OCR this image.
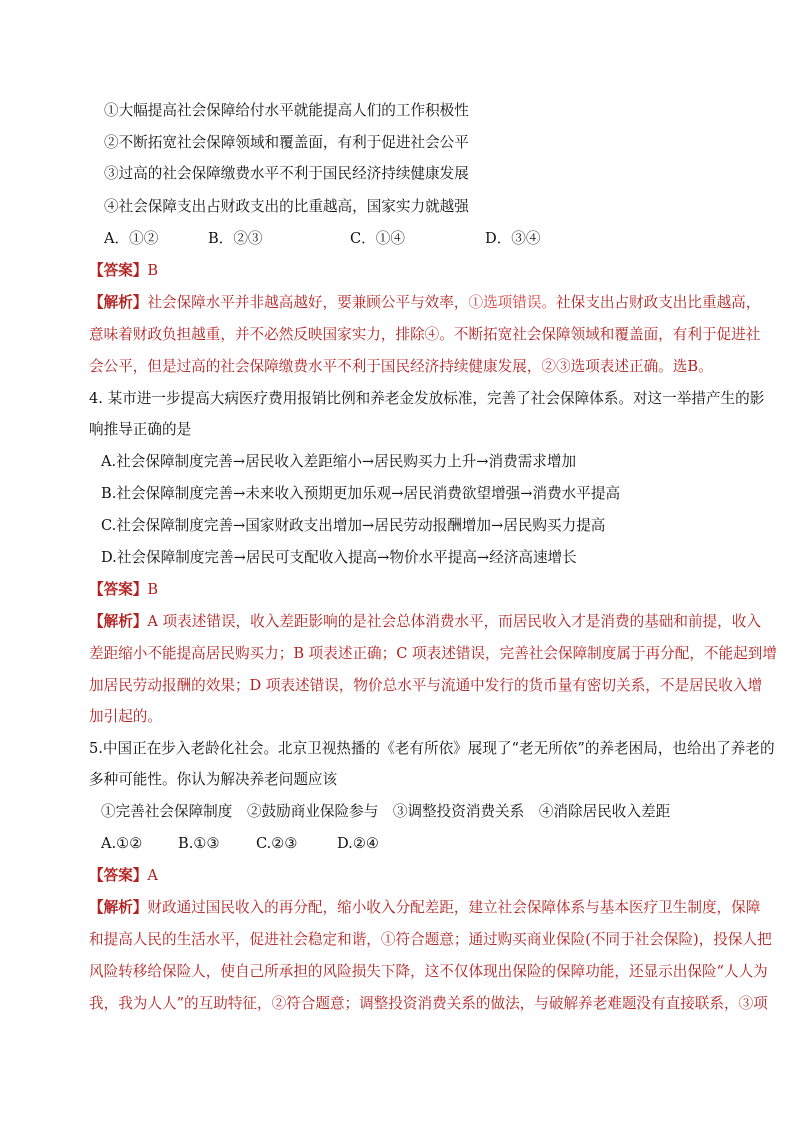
①大幅提高社会保障给付水平就能提高人们的工作积极性
②不断拓宽社会保障领域和覆盖面，有利于促进社会公平
③过高的社会保障缴费水平不利于国民经济持续健康发展
④社会保障支出占财政支出的比重越高，国家实力就越强
A．①②	B．②③	C．①④	D．③④
【答案】B
【解析】社会保障水平并非越高越好，要兼顾公平与效率，①选项错误。社保支出占财政支出比重越高，
意味着财政负担越重，并不必然反映国家实力，排除④。不断拓宽社会保障领域和覆盖面，有利于促进社
会公平，但是过高的社会保障缴费水平不利于国民经济持续健康发展，②③选项表述正确。选B。
4. 某市进一步提高大病医疗费用报销比例和养老金发放标准，完善了社会保障体系。对这一举措产生的影
响推导正确的是
A.社会保障制度完善→居民收入差距缩小→居民购买力上升→消费需求增加
B.社会保障制度完善→未来收入预期更加乐观→居民消费欲望增强→消费水平提高
C.社会保障制度完善→国家财政支出增加→居民劳动报酬增加→居民购买力提高
D.社会保障制度完善→居民可支配收入提高→物价水平提高→经济高速增长
【答案】B
【解析】A 项表述错误，收入差距影响的是社会总体消费水平，而居民收入才是消费的基础和前提，收入
差距缩小不能提高居民购买力；B 项表述正确；C 项表述错误，完善社会保障制度属于再分配，不能起到增
加居民劳动报酬的效果；D 项表述错误，物价总水平与流通中发行的货币量有密切关系，不是居民收入增
加引起的。
5.中国正在步入老龄化社会。北京卫视热播的《老有所依》展现了“老无所依”的养老困局，也给出了养老的
多种可能性。你认为解决养老问题应该
①完善社会保障制度　②鼓励商业保险参与　③调整投资消费关系　④消除居民收入差距
A.①② B.①③ C.②③	D.②④
【答案】A
【解析】财政通过国民收入的再分配，缩小收入分配差距，建立社会保障体系与基本医疗卫生制度，保障
和提高人民的生活水平，促进社会稳定和谐，①符合题意；通过购买商业保险(不同于社会保险)，投保人把
风险转移给保险人，使自己所承担的风险损失下降，这不仅体现出保险的保障功能，还显示出保险“人人为
我，我为人人”的互助特征，②符合题意；调整投资消费关系的做法，与破解养老难题没有直接联系，③项
